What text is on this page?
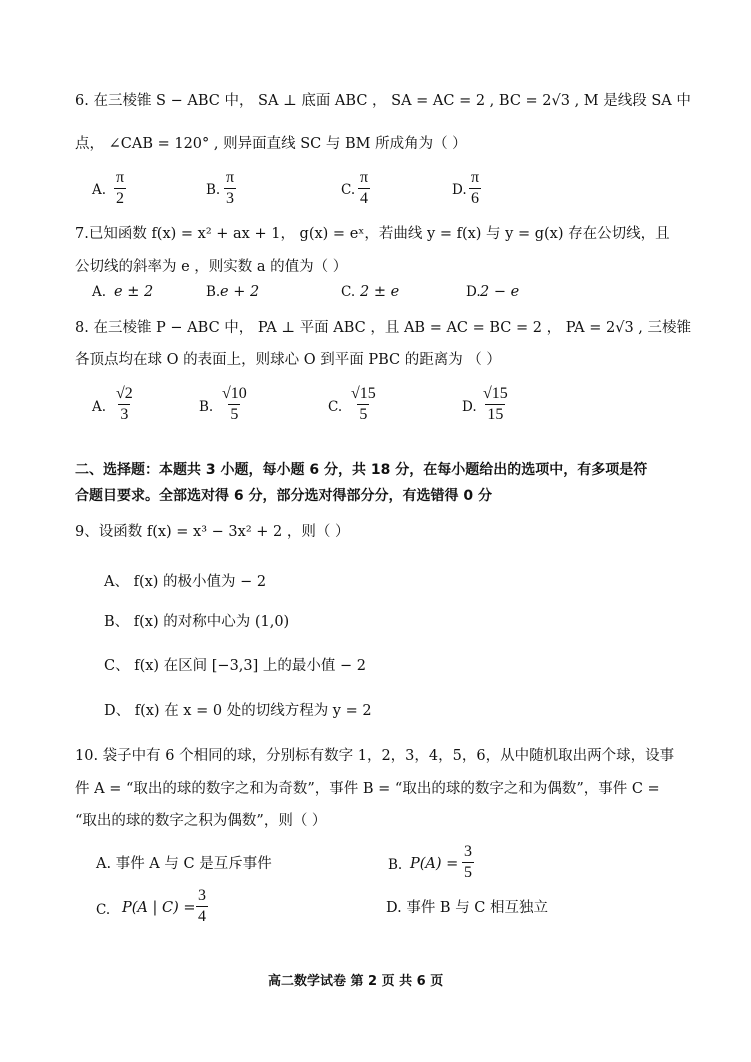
6. 在三棱锥 S − ABC 中， SA ⊥ 底面 ABC ， SA = AC = 2 , BC = 2√3 , M 是线段 SA 中
点， ∠CAB = 120° , 则异面直线 SC 与 BM 所成角为（ ）
A. $\frac{\pi}{2}$	B. $\frac{\pi}{3}$	C. $\frac{\pi}{4}$	D. $\frac{\pi}{6}$
7.已知函数 f(x) = x² + ax + 1， g(x) = eˣ，若曲线 y = f(x) 与 y = g(x) 存在公切线，且
公切线的斜率为 e ，则实数 a 的值为（ ）
A. e ± 2	B. e + 2	C. 2 ± e	D. 2 − e
8. 在三棱锥 P − ABC 中， PA ⊥ 平面 ABC ，且 AB = AC = BC = 2 ， PA = 2√3 , 三棱锥
各顶点均在球 O 的表面上，则球心 O 到平面 PBC 的距离为 （ ）
A. $\frac{√2}{3}$	B. $\frac{√10}{5}$	C. $\frac{√15}{5}$	D. $\frac{√15}{15}$
二、选择题：本题共 3 小题，每小题 6 分，共 18 分，在每小题给出的选项中，有多项是符
合题目要求。全部选对得 6 分，部分选对得部分分，有选错得 0 分
9、设函数 f(x) = x³ − 3x² + 2 ，则（ ）
A、 f(x) 的极小值为 − 2
B、 f(x) 的对称中心为 (1,0)
C、 f(x) 在区间 [−3,3] 上的最小值 − 2
D、 f(x) 在 x = 0 处的切线方程为 y = 2
10. 袋子中有 6 个相同的球，分别标有数字 1，2，3，4，5，6，从中随机取出两个球，设事
件 A = “取出的球的数字之和为奇数”，事件 B = “取出的球的数字之和为偶数”，事件 C =
“取出的球的数字之积为偶数”，则（ ）
A. 事件 A 与 C 是互斥事件	B. $P(A) = \frac{3}{5}$
C. P(A | $C) = \frac{3}{4}$	D. 事件 B 与 C 相互独立
高二数学试卷 第 2 页 共 6 页
